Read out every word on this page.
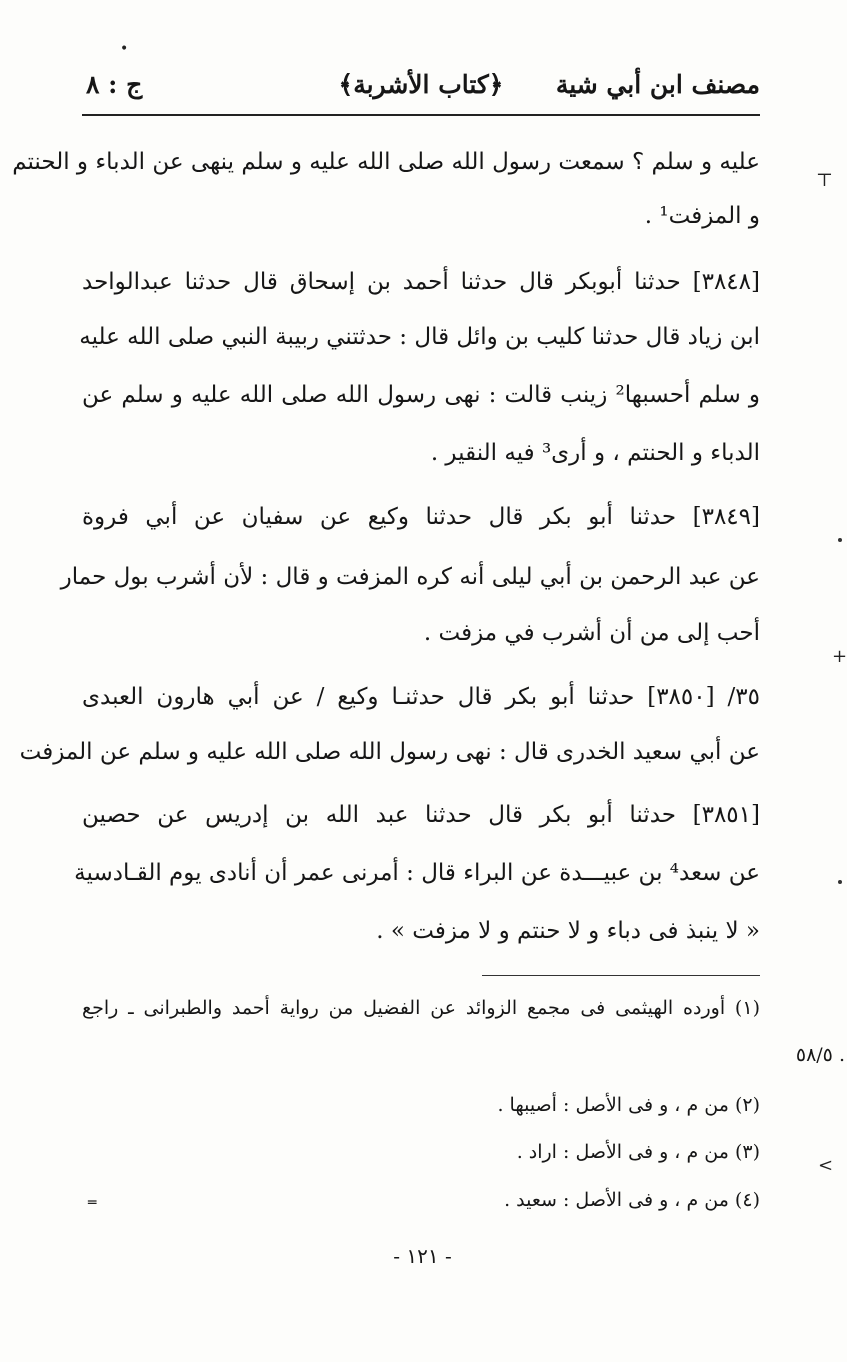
مصنف ابن أبي شية
﴿كتاب الأشربة﴾
ج : ٨
عليه و سلم ؟ سمعت رسول الله صلى الله عليه و سلم ينهى عن الدباء و الحنتم
و المزفت¹ .
[٣٨٤٨] حدثنا أبوبكر قال حدثنا أحمد بن إسحاق قال حدثنا عبدالواحد
ابن زياد قال حدثنا كليب بن وائل قال : حدثتني ربيبة النبي صلى الله عليه
و سلم أحسبها² زينب قالت : نهى رسول الله صلى الله عليه و سلم عن
الدباء و الحنتم ، و أرى³ فيه النقير .
[٣٨٤٩] حدثنا أبو بكر قال حدثنا وكيع عن سفيان عن أبي فروة
عن عبد الرحمن بن أبي ليلى أنه كره المزفت و قال : لأن أشرب بول حمار
أحب إلى من أن أشرب في مزفت .
٣٥/ [٣٨٥٠] حدثنا أبو بكر قال حدثنـا وكيع / عن أبي هارون العبدى
عن أبي سعيد الخدرى قال : نهى رسول الله صلى الله عليه و سلم عن المزفت
[٣٨٥١] حدثنا أبو بكر قال حدثنا عبد الله بن إدريس عن حصين
عن سعد⁴ بن عبيـــدة عن البراء قال : أمرنى عمر أن أنادى يوم القـادسية
« لا ينبذ فى دباء و لا حنتم و لا مزفت » .
(١) أورده الهيثمى فى مجمع الزوائد عن الفضيل من رواية أحمد والطبرانى ـ راجع
. ٥٨/٥
(٢) من م ، و فى الأصل : أصيبها .
(٣) من م ، و فى الأصل : اراد .
(٤) من م ، و فى الأصل : سعيد .
- ١٢١ -
⊤
+
<
═
•
